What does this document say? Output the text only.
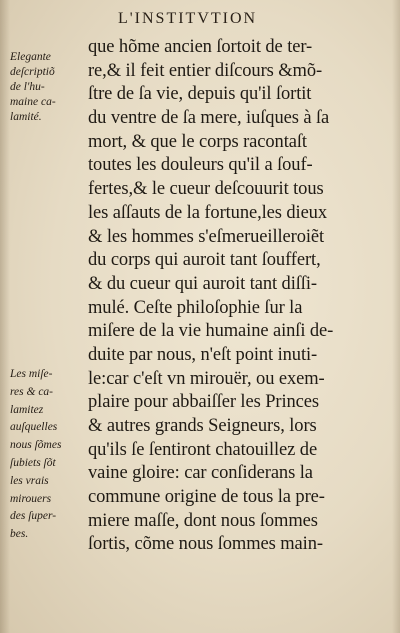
L'INSTITVTION
Elegante
deſcriptiõ
de l'hu-
maine ca-
lamité.
Les miſe-
res & ca-
lamitez
auſquelles
nous ſõmes
ſubiets ſõt
les vrais
mirouers
des ſuper-
bes.
que hõme ancien ſortoit de ter-
re,& il feit entier diſcours &mõ-
ſtre de ſa vie, depuis qu'il ſortit
du ventre de ſa mere, iuſques à ſa
mort, & que le corps racontaſt
toutes les douleurs qu'il a ſouf-
fertes,& le cueur deſcouurit tous
les aſſauts de la fortune,les dieux
& les hommes s'eſmerueilleroiẽt
du corps qui auroit tant ſouffert,
& du cueur qui auroit tant diſſi-
mulé. Ceſte philoſophie ſur la
miſere de la vie humaine ainſi de-
duite par nous, n'eſt point inuti-
le:car c'eſt vn mirouër, ou exem-
plaire pour abbaiſſer les Princes
& autres grands Seigneurs, lors
qu'ils ſe ſentiront chatouillez de
vaine gloire: car conſiderans la
commune origine de tous la pre-
miere maſſe, dont nous ſommes
ſortis, cõme nous ſommes main-
